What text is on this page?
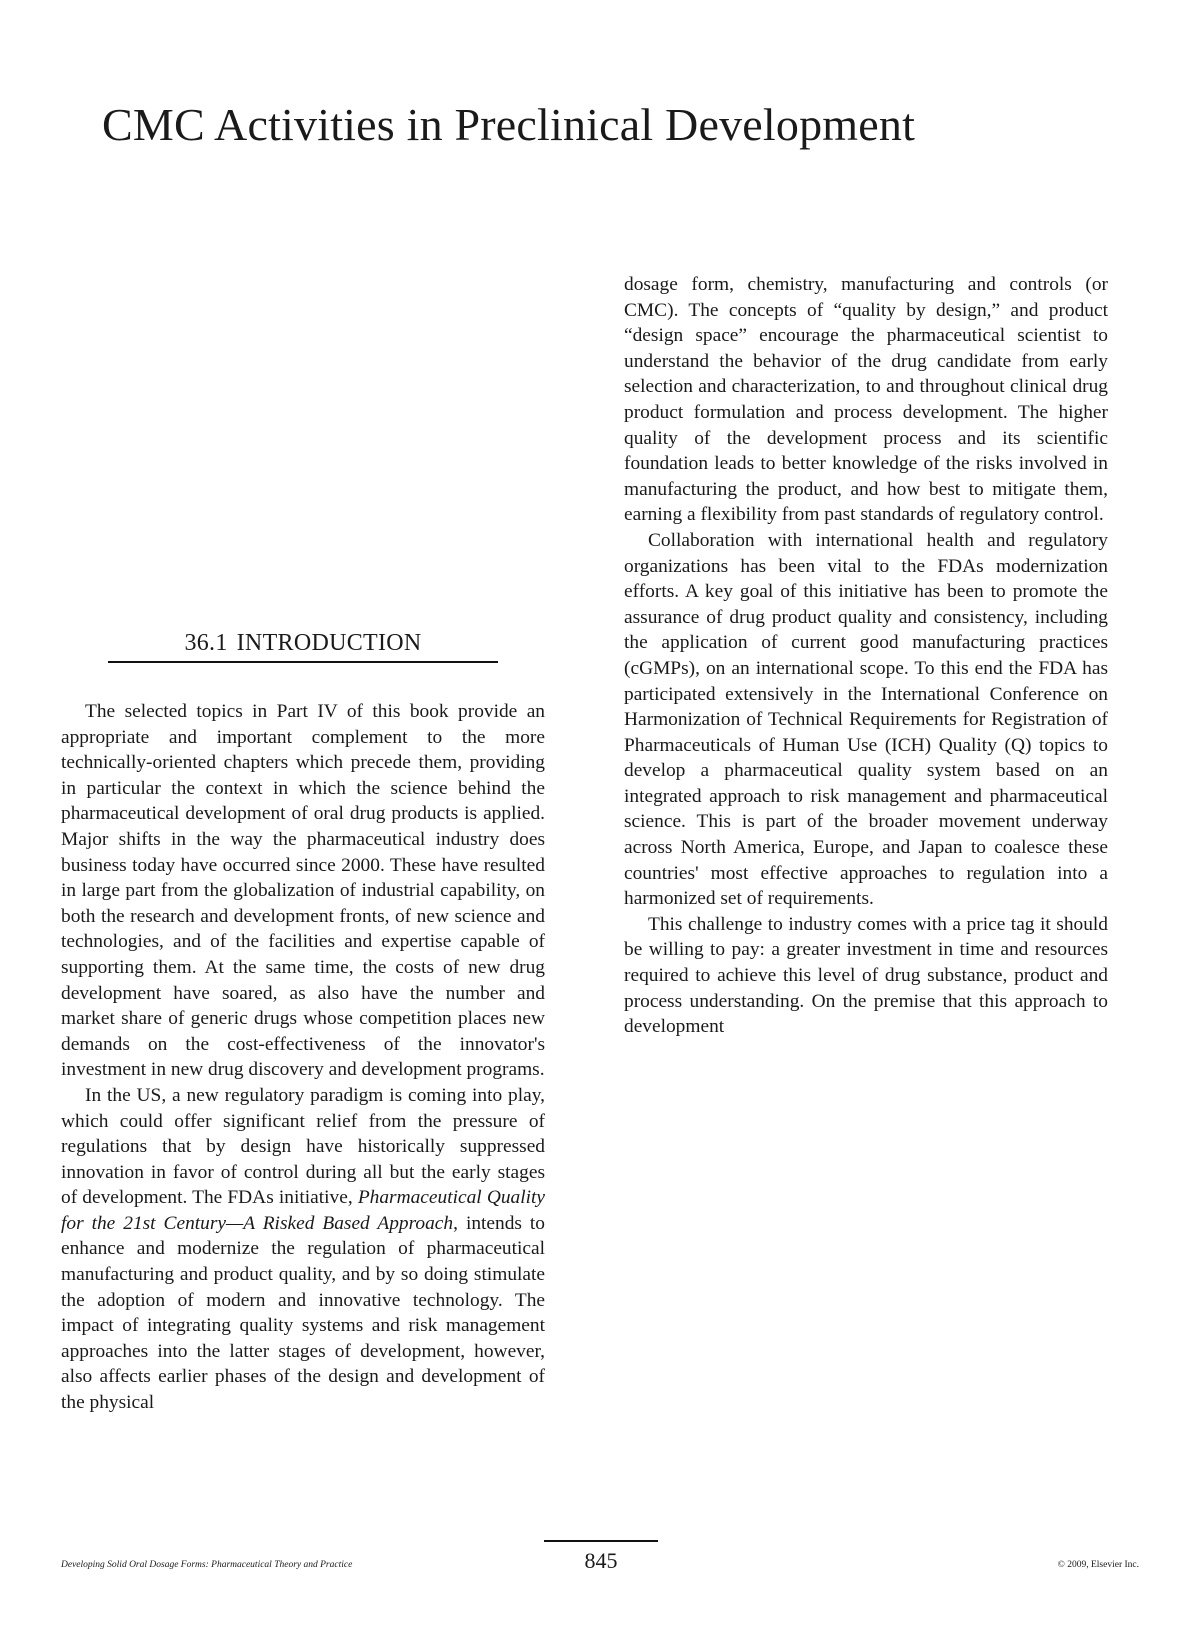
CMC Activities in Preclinical Development
36.1 INTRODUCTION

The selected topics in Part IV of this book provide an appropriate and important complement to the more technically-oriented chapters which precede them, providing in particular the context in which the science behind the pharmaceutical development of oral drug products is applied. Major shifts in the way the pharmaceutical industry does business today have occurred since 2000. These have resulted in large part from the globalization of industrial capability, on both the research and development fronts, of new science and technologies, and of the facilities and expertise capable of supporting them. At the same time, the costs of new drug development have soared, as also have the number and market share of generic drugs whose competition places new demands on the cost-effectiveness of the innovator's investment in new drug discovery and development programs.

In the US, a new regulatory paradigm is coming into play, which could offer significant relief from the pressure of regulations that by design have historically suppressed innovation in favor of control during all but the early stages of development. The FDAs initiative, Pharmaceutical Quality for the 21st Century—A Risked Based Approach, intends to enhance and modernize the regulation of pharmaceutical manufacturing and product quality, and by so doing stimulate the adoption of modern and innovative technology. The impact of integrating quality systems and risk management approaches into the latter stages of development, however, also affects earlier phases of the design and development of the physical

dosage form, chemistry, manufacturing and controls (or CMC). The concepts of “quality by design,” and product “design space” encourage the pharmaceutical scientist to understand the behavior of the drug candidate from early selection and characterization, to and throughout clinical drug product formulation and process development. The higher quality of the development process and its scientific foundation leads to better knowledge of the risks involved in manufacturing the product, and how best to mitigate them, earning a flexibility from past standards of regulatory control.

Collaboration with international health and regulatory organizations has been vital to the FDAs modernization efforts. A key goal of this initiative has been to promote the assurance of drug product quality and consistency, including the application of current good manufacturing practices (cGMPs), on an international scope. To this end the FDA has participated extensively in the International Conference on Harmonization of Technical Requirements for Registration of Pharmaceuticals of Human Use (ICH) Quality (Q) topics to develop a pharmaceutical quality system based on an integrated approach to risk management and pharmaceutical science. This is part of the broader movement underway across North America, Europe, and Japan to coalesce these countries' most effective approaches to regulation into a harmonized set of requirements.

This challenge to industry comes with a price tag it should be willing to pay: a greater investment in time and resources required to achieve this level of drug substance, product and process understanding. On the premise that this approach to development

Developing Solid Oral Dosage Forms: Pharmaceutical Theory and Practice	845	© 2009, Elsevier Inc.
